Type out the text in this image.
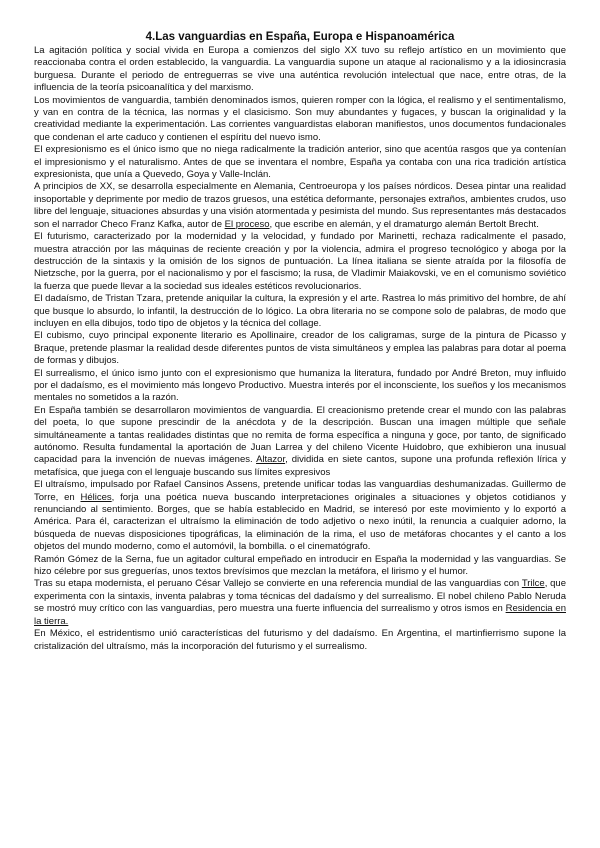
4.Las vanguardias en España, Europa e Hispanoamérica

La agitación política y social vivida en Europa a comienzos del siglo XX tuvo su reflejo artístico en un movimiento que reaccionaba contra el orden establecido, la vanguardia. La vanguardia supone un ataque al racionalismo y a la idiosincrasia burguesa. Durante el periodo de entreguerras se vive una auténtica revolución intelectual que nace, entre otras, de la influencia de la teoría psicoanalítica y del marxismo.

Los movimientos de vanguardia, también denominados ismos, quieren romper con la lógica, el realismo y el sentimentalismo, y van en contra de la técnica, las normas y el clasicismo. Son muy abundantes y fugaces, y buscan la originalidad y la creatividad mediante la experimentación. Las corrientes vanguardistas elaboran manifiestos, unos documentos fundacionales que condenan el arte caduco y contienen el espíritu del nuevo ismo.

El expresionismo es el único ismo que no niega radicalmente la tradición anterior, sino que acentúa rasgos que ya contenían el impresionismo y el naturalismo. Antes de que se inventara el nombre, España ya contaba con una rica tradición artística expresionista, que unía a Quevedo, Goya y Valle-Inclán.

A principios de XX, se desarrolla especialmente en Alemania, Centroeuropa y los países nórdicos. Desea pintar una realidad insoportable y deprimente por medio de trazos gruesos, una estética deformante, personajes extraños, ambientes crudos, uso libre del lenguaje, situaciones absurdas y una visión atormentada y pesimista del mundo. Sus representantes más destacados son el narrador Checo Franz Kafka, autor de El proceso, que escribe en alemán, y el dramaturgo alemán Bertolt Brecht.

El futurismo, caracterizado por la modernidad y la velocidad, y fundado por Marinetti, rechaza radicalmente el pasado, muestra atracción por las máquinas de reciente creación y por la violencia, admira el progreso tecnológico y aboga por la destrucción de la sintaxis y la omisión de los signos de puntuación. La línea italiana se siente atraída por la filosofía de Nietzsche, por la guerra, por el nacionalismo y por el fascismo; la rusa, de Vladimir Maiakovski, ve en el comunismo soviético la fuerza que puede llevar a la sociedad sus ideales estéticos revolucionarios.

El dadaísmo, de Tristan Tzara, pretende aniquilar la cultura, la expresión y el arte. Rastrea lo más primitivo del hombre, de ahí que busque lo absurdo, lo infantil, la destrucción de lo lógico. La obra literaria no se compone solo de palabras, de modo que incluyen en ella dibujos, todo tipo de objetos y la técnica del collage.

El cubismo, cuyo principal exponente literario es Apollinaire, creador de los caligramas, surge de la pintura de Picasso y Braque, pretende plasmar la realidad desde diferentes puntos de vista simultáneos y emplea las palabras para dotar al poema de formas y dibujos.

El surrealismo, el único ismo junto con el expresionismo que humaniza la literatura, fundado por André Breton, muy influido por el dadaísmo, es el movimiento más longevo Productivo. Muestra interés por el inconsciente, los sueños y los mecanismos mentales no sometidos a la razón.

En España también se desarrollaron movimientos de vanguardia. El creacionismo pretende crear el mundo con las palabras del poeta, lo que supone prescindir de la anécdota y de la descripción. Buscan una imagen múltiple que señale simultáneamente a tantas realidades distintas que no remita de forma específica a ninguna y goce, por tanto, de significado autónomo. Resulta fundamental la aportación de Juan Larrea y del chileno Vicente Huidobro, que exhibieron una inusual capacidad para la invención de nuevas imágenes. Altazor, dividida en siete cantos, supone una profunda reflexión lírica y metafísica, que juega con el lenguaje buscando sus límites expresivos

El ultraísmo, impulsado por Rafael Cansinos Assens, pretende unificar todas las vanguardias deshumanizadas. Guillermo de Torre, en Hélices, forja una poética nueva buscando interpretaciones originales a situaciones y objetos cotidianos y renunciando al sentimiento. Borges, que se había establecido en Madrid, se interesó por este movimiento y lo exportó a América. Para él, caracterizan el ultraísmo la eliminación de todo adjetivo o nexo inútil, la renuncia a cualquier adorno, la búsqueda de nuevas disposiciones tipográficas, la eliminación de la rima, el uso de metáforas chocantes y el canto a los objetos del mundo moderno, como el automóvil, la bombilla. o el cinematógrafo.

Ramón Gómez de la Serna, fue un agitador cultural empeñado en introducir en España la modernidad y las vanguardias. Se hizo célebre por sus greguerías, unos textos brevísimos que mezclan la metáfora, el lirismo y el humor.

Tras su etapa modernista, el peruano César Vallejo se convierte en una referencia mundial de las vanguardias con Trilce, que experimenta con la sintaxis, inventa palabras y toma técnicas del dadaísmo y del surrealismo. El nobel chileno Pablo Neruda se mostró muy crítico con las vanguardias, pero muestra una fuerte influencia del surrealismo y otros ismos en Residencia en la tierra.

En México, el estridentismo unió características del futurismo y del dadaísmo. En Argentina, el martinfierrismo supone la cristalización del ultraísmo, más la incorporación del futurismo y el surrealismo.
